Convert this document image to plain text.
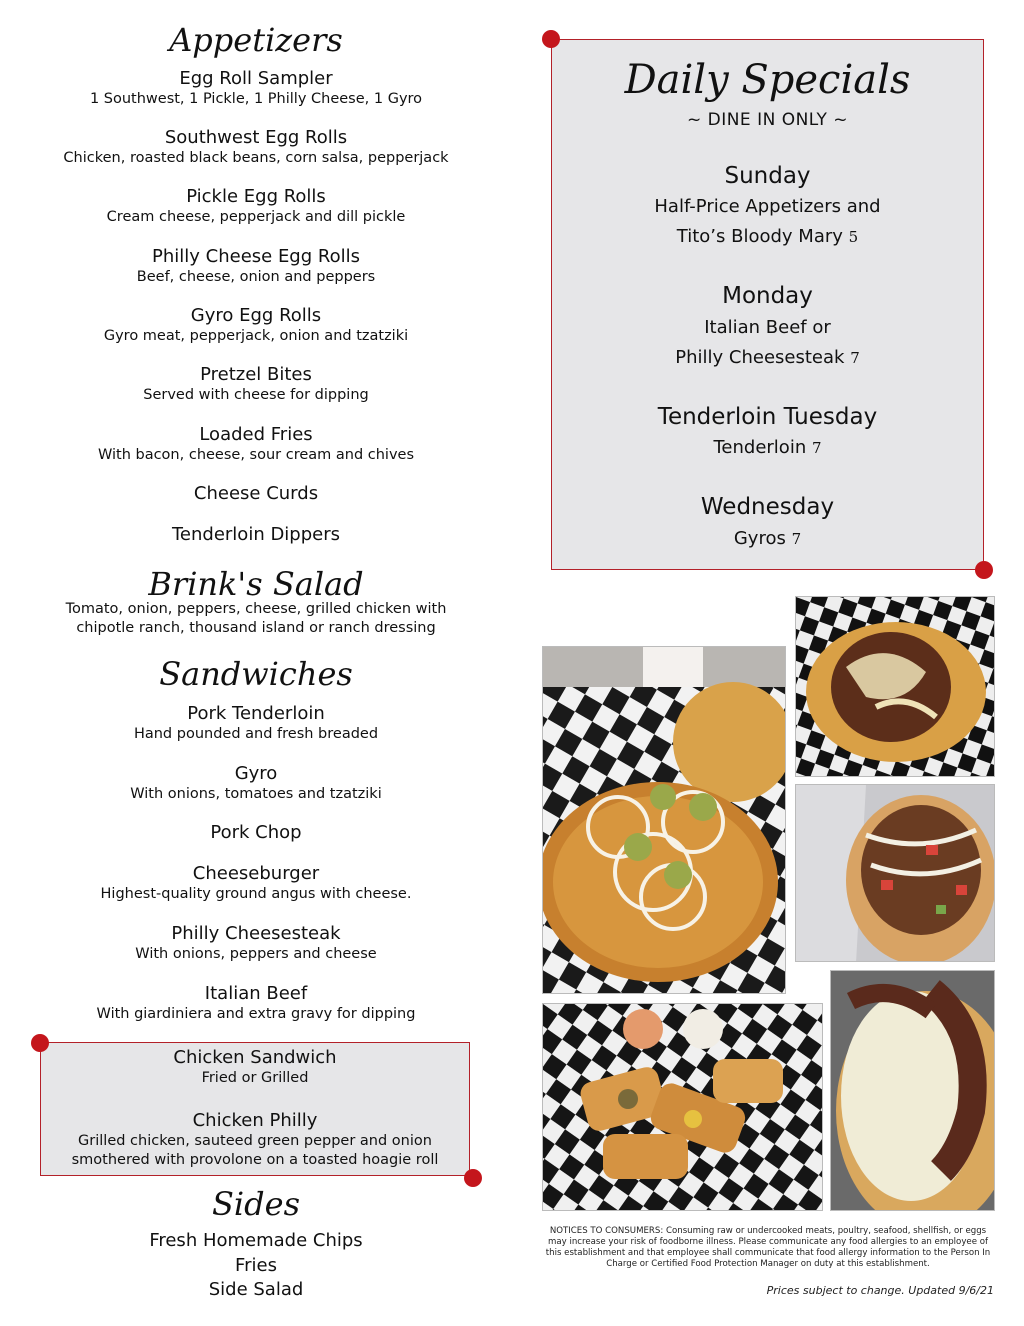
Appetizers
Egg Roll Sampler
1 Southwest, 1 Pickle, 1 Philly Cheese, 1 Gyro
Southwest Egg Rolls
Chicken, roasted black beans, corn salsa, pepperjack
Pickle Egg Rolls
Cream cheese, pepperjack and dill pickle
Philly Cheese Egg Rolls
Beef, cheese, onion and peppers
Gyro Egg Rolls
Gyro meat, pepperjack, onion and tzatziki
Pretzel Bites
Served with cheese for dipping
Loaded Fries
With bacon, cheese, sour cream and chives
Cheese Curds
Tenderloin Dippers
Brink's Salad
Tomato, onion, peppers, cheese, grilled chicken with
chipotle ranch, thousand island or ranch dressing
Sandwiches
Pork Tenderloin
Hand pounded and fresh breaded
Gyro
With onions, tomatoes and tzatziki
Pork Chop
Cheeseburger
Highest-quality ground angus with cheese.
Philly Cheesesteak
With onions, peppers and cheese
Italian Beef
With giardiniera and extra gravy for dipping
Chicken Sandwich
Fried or Grilled
Chicken Philly
Grilled chicken, sauteed green pepper and onion
smothered with provolone on a toasted hoagie roll
Sides
Fresh Homemade Chips
Fries
Side Salad
Daily Specials
~ DINE IN ONLY ~
Sunday
Half-Price Appetizers and
Tito’s Bloody Mary 5
Monday
Italian Beef or
Philly Cheesesteak 7
Tenderloin Tuesday
Tenderloin 7
Wednesday
Gyros 7
NOTICES TO CONSUMERS: Consuming raw or undercooked meats, poultry, seafood, shellfish, or eggs may increase your risk of foodborne illness. Please communicate any food allergies to an employee of this establishment and that employee shall communicate that food allergy information to the Person In Charge or Certified Food Protection Manager on duty at this establishment.
Prices subject to change. Updated 9/6/21
